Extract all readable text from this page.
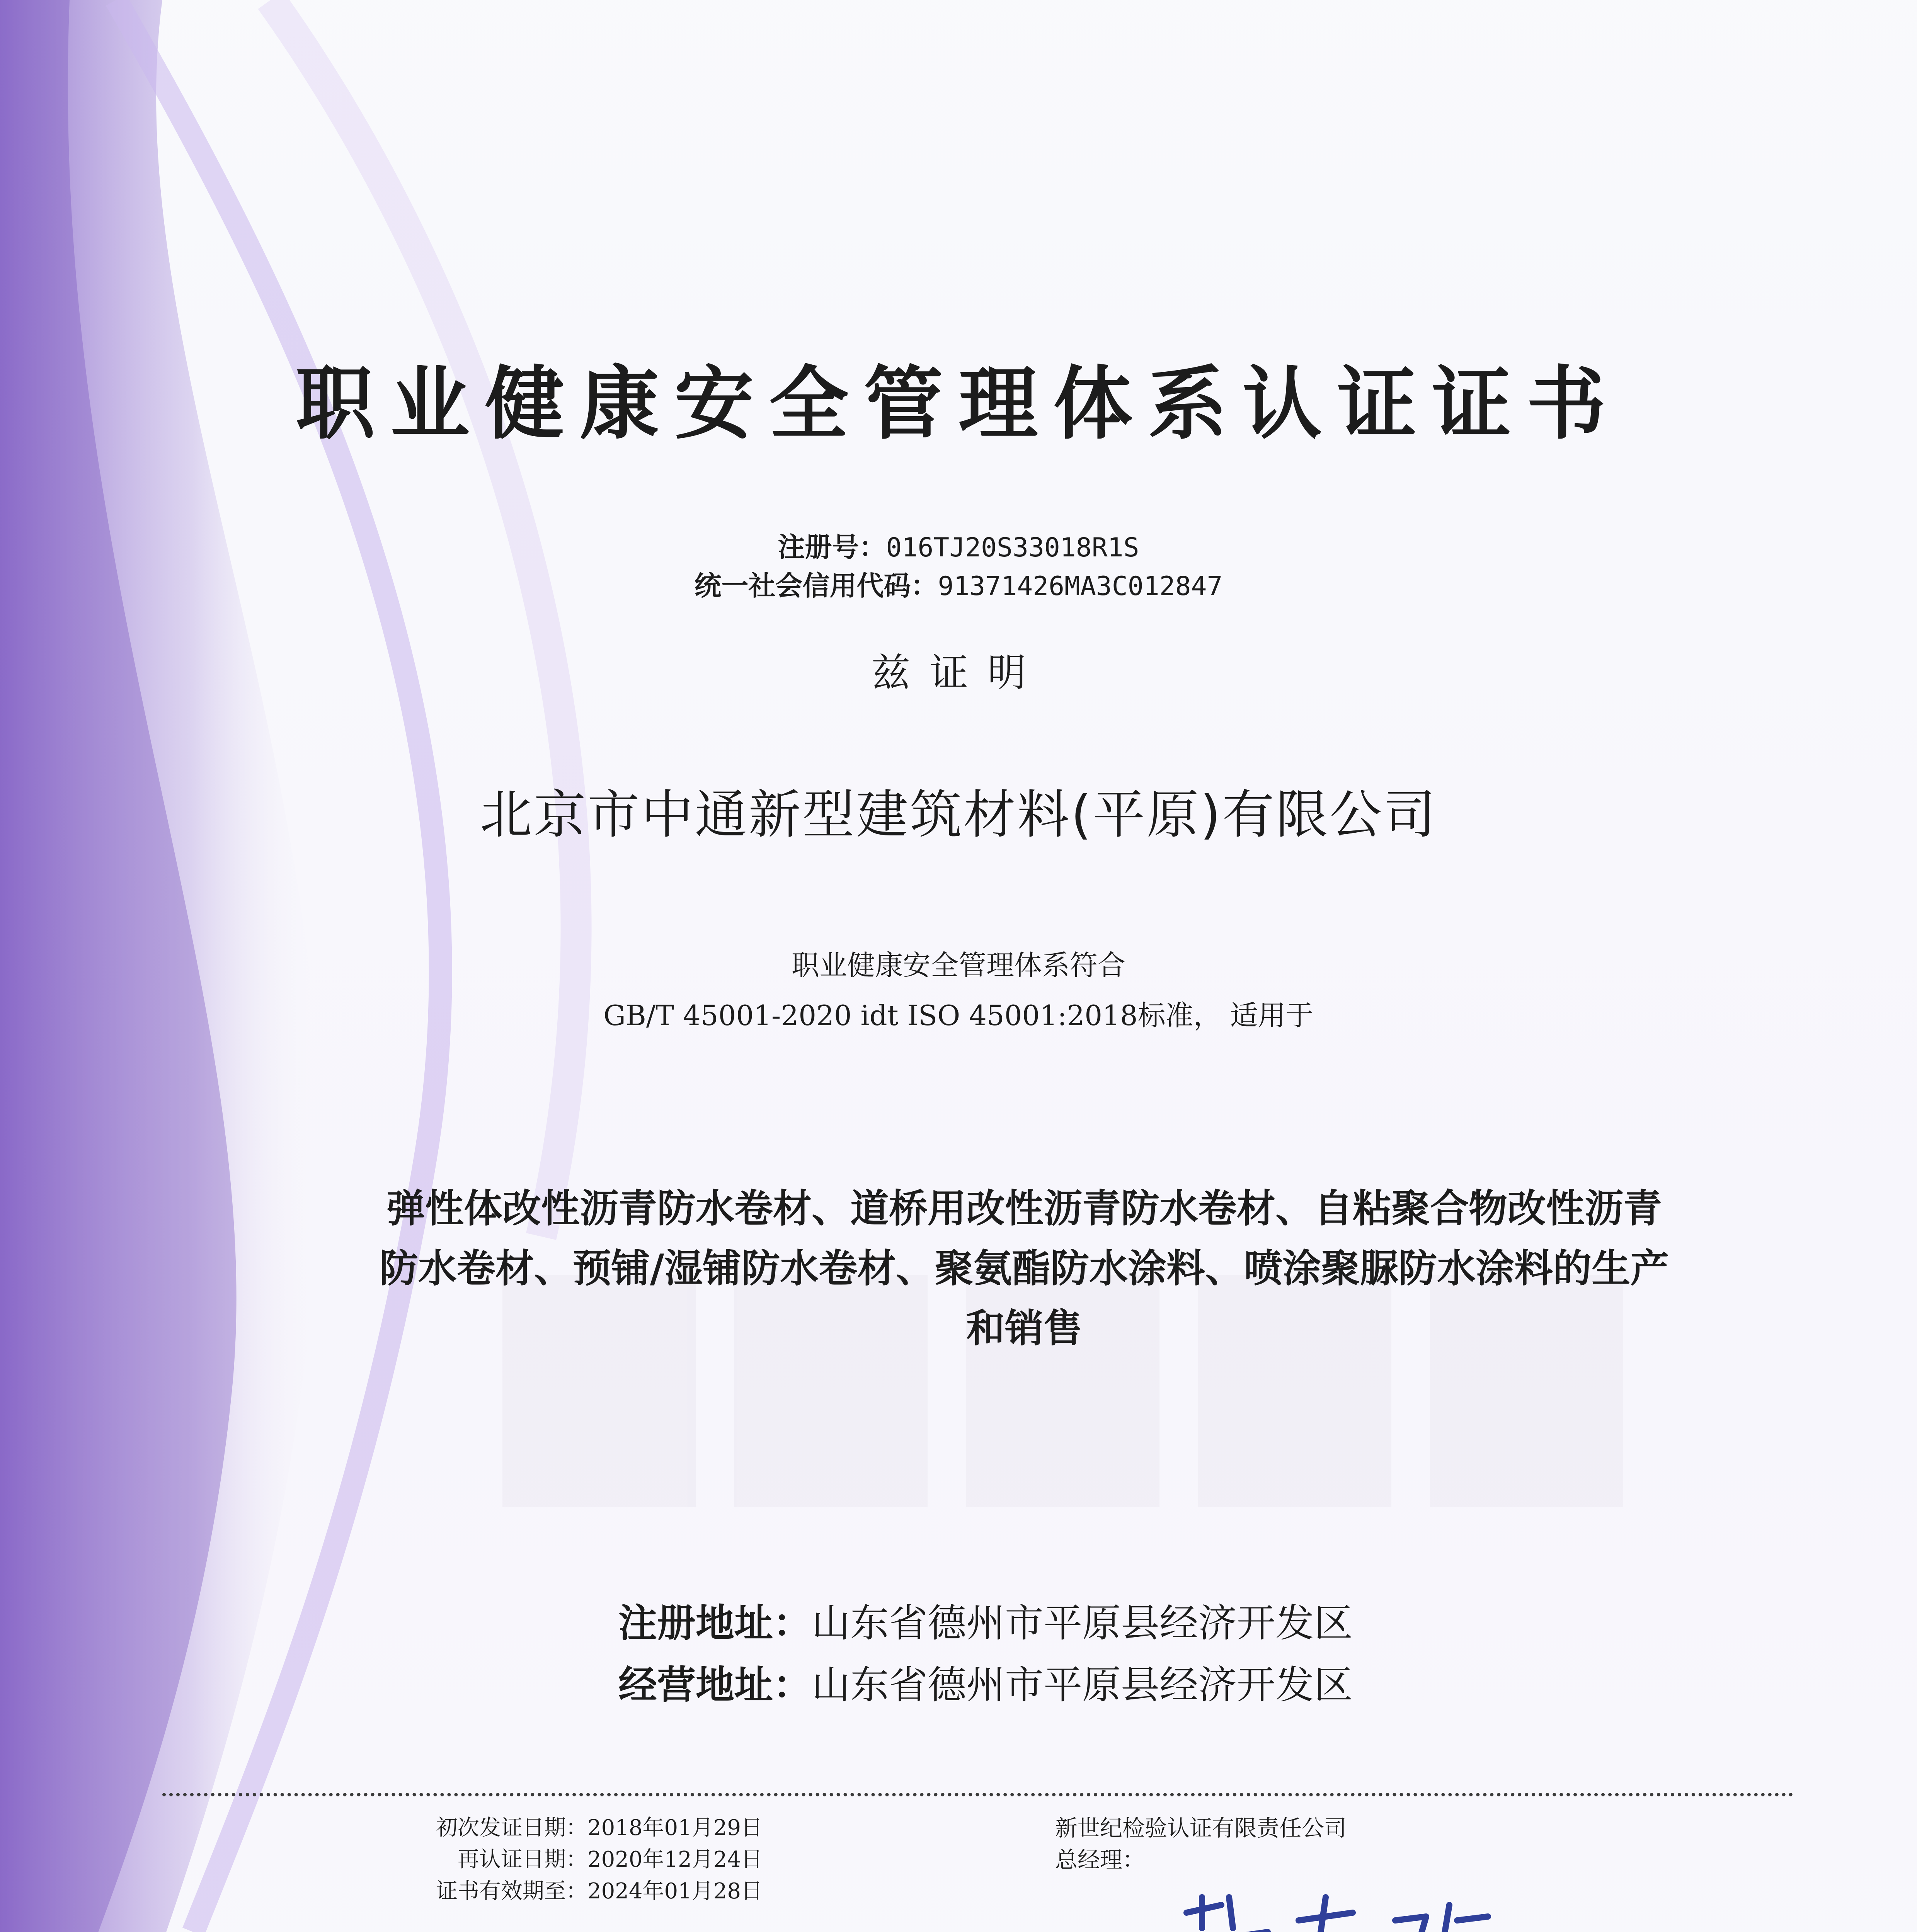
职业健康安全管理体系认证证书
注册号：016TJ20S33018R1S
统一社会信用代码：91371426MA3C012847
兹证明
北京市中通新型建筑材料(平原)有限公司
职业健康安全管理体系符合
GB/T 45001-2020 idt ISO 45001:2018标准， 适用于
弹性体改性沥青防水卷材、道桥用改性沥青防水卷材、自粘聚合物改性沥青
防水卷材、预铺/湿铺防水卷材、聚氨酯防水涂料、喷涂聚脲防水涂料的生产
和销售
注册地址：山东省德州市平原县经济开发区
经营地址：山东省德州市平原县经济开发区
初次发证日期： 2018年01月29日
再认证日期： 2020年12月24日
证书有效期至： 2024年01月28日
新世纪检验认证有限责任公司
总经理：
